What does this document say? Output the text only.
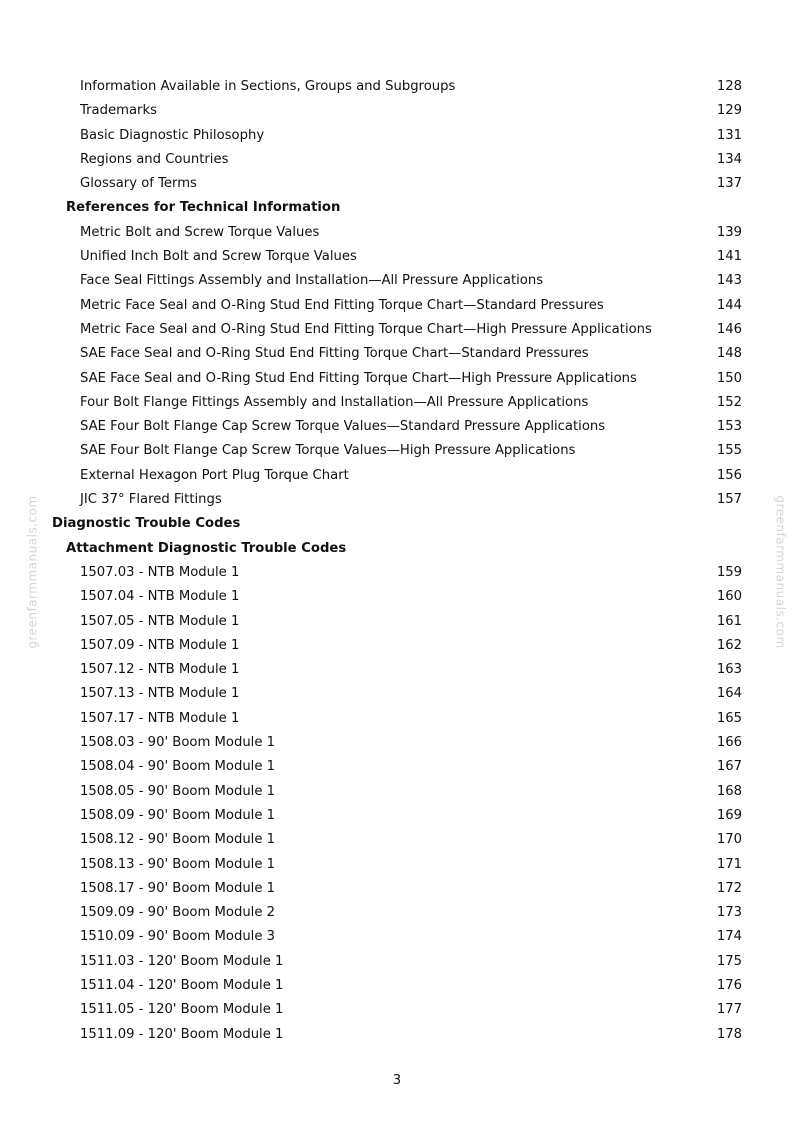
greenfarmmanuals.com	greenfarmmanuals.com
Information Available in Sections, Groups and Subgroups	128
Trademarks	129
Basic Diagnostic Philosophy	131
Regions and Countries	134
Glossary of Terms	137
References for Technical Information
Metric Bolt and Screw Torque Values	139
Unified Inch Bolt and Screw Torque Values	141
Face Seal Fittings Assembly and Installation—All Pressure Applications	143
Metric Face Seal and O-Ring Stud End Fitting Torque Chart—Standard Pressures	144
Metric Face Seal and O-Ring Stud End Fitting Torque Chart—High Pressure Applications	146
SAE Face Seal and O-Ring Stud End Fitting Torque Chart—Standard Pressures	148
SAE Face Seal and O-Ring Stud End Fitting Torque Chart—High Pressure Applications	150
Four Bolt Flange Fittings Assembly and Installation—All Pressure Applications	152
SAE Four Bolt Flange Cap Screw Torque Values—Standard Pressure Applications	153
SAE Four Bolt Flange Cap Screw Torque Values—High Pressure Applications	155
External Hexagon Port Plug Torque Chart	156
JIC 37° Flared Fittings	157
Diagnostic Trouble Codes
Attachment Diagnostic Trouble Codes
1507.03 - NTB Module 1	159
1507.04 - NTB Module 1	160
1507.05 - NTB Module 1	161
1507.09 - NTB Module 1	162
1507.12 - NTB Module 1	163
1507.13 - NTB Module 1	164
1507.17 - NTB Module 1	165
1508.03 - 90' Boom Module 1	166
1508.04 - 90' Boom Module 1	167
1508.05 - 90' Boom Module 1	168
1508.09 - 90' Boom Module 1	169
1508.12 - 90' Boom Module 1	170
1508.13 - 90' Boom Module 1	171
1508.17 - 90' Boom Module 1	172
1509.09 - 90' Boom Module 2	173
1510.09 - 90' Boom Module 3	174
1511.03 - 120' Boom Module 1	175
1511.04 - 120' Boom Module 1	176
1511.05 - 120' Boom Module 1	177
1511.09 - 120' Boom Module 1	178
3
